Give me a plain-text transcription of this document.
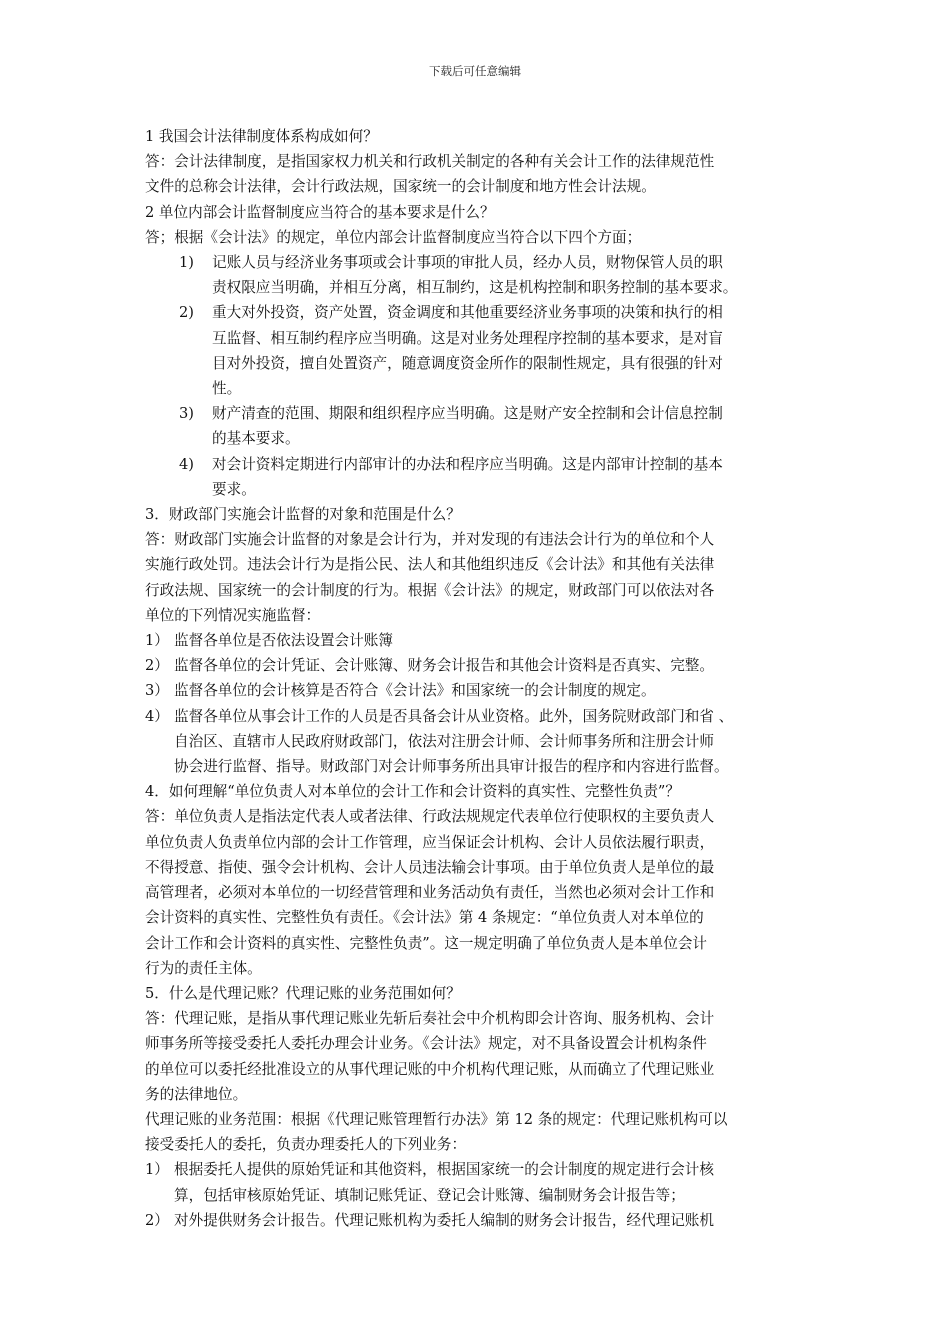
下载后可任意编辑
1 我国会计法律制度体系构成如何？
答：会计法律制度，是指国家权力机关和行政机关制定的各种有关会计工作的法律规范性
文件的总称会计法律，会计行政法规，国家统一的会计制度和地方性会计法规。
2 单位内部会计监督制度应当符合的基本要求是什么？
答；根据《会计法》的规定，单位内部会计监督制度应当符合以下四个方面；
1)	记账人员与经济业务事项或会计事项的审批人员，经办人员，财物保管人员的职
责权限应当明确，并相互分离，相互制约，这是机构控制和职务控制的基本要求。
2)	重大对外投资，资产处置，资金调度和其他重要经济业务事项的决策和执行的相
互监督、相互制约程序应当明确。这是对业务处理程序控制的基本要求，是对盲
目对外投资，擅自处置资产，随意调度资金所作的限制性规定，具有很强的针对
性。
3)	财产清查的范围、期限和组织程序应当明确。这是财产安全控制和会计信息控制
的基本要求。
4)	对会计资料定期进行内部审计的办法和程序应当明确。这是内部审计控制的基本
要求。
3．财政部门实施会计监督的对象和范围是什么？
答：财政部门实施会计监督的对象是会计行为，并对发现的有违法会计行为的单位和个人
实施行政处罚。违法会计行为是指公民、法人和其他组织违反《会计法》和其他有关法律
行政法规、国家统一的会计制度的行为。根据《会计法》的规定，财政部门可以依法对各
单位的下列情况实施监督：
1） 监督各单位是否依法设置会计账簿
2） 监督各单位的会计凭证、会计账簿、财务会计报告和其他会计资料是否真实、完整。
3） 监督各单位的会计核算是否符合《会计法》和国家统一的会计制度的规定。
4） 监督各单位从事会计工作的人员是否具备会计从业资格。此外，国务院财政部门和省 、
自治区、直辖市人民政府财政部门，依法对注册会计师、会计师事务所和注册会计师
协会进行监督、指导。财政部门对会计师事务所出具审计报告的程序和内容进行监督。
4．如何理解“单位负责人对本单位的会计工作和会计资料的真实性、完整性负责”？
答：单位负责人是指法定代表人或者法律、行政法规规定代表单位行使职权的主要负责人
单位负责人负责单位内部的会计工作管理，应当保证会计机构、会计人员依法履行职责，
不得授意、指使、强令会计机构、会计人员违法输会计事项。由于单位负责人是单位的最
高管理者，必须对本单位的一切经营管理和业务活动负有责任，当然也必须对会计工作和
会计资料的真实性、完整性负有责任。《会计法》第 4 条规定：“单位负责人对本单位的
会计工作和会计资料的真实性、完整性负责”。这一规定明确了单位负责人是本单位会计
行为的责任主体。
5．什么是代理记账？代理记账的业务范围如何？
答：代理记账，是指从事代理记账业先斩后奏社会中介机构即会计咨询、服务机构、会计
师事务所等接受委托人委托办理会计业务。《会计法》规定，对不具备设置会计机构条件
的单位可以委托经批准设立的从事代理记账的中介机构代理记账，从而确立了代理记账业
务的法律地位。
代理记账的业务范围：根据《代理记账管理暂行办法》第 12 条的规定：代理记账机构可以
接受委托人的委托，负责办理委托人的下列业务：
1） 根据委托人提供的原始凭证和其他资料，根据国家统一的会计制度的规定进行会计核
算，包括审核原始凭证、填制记账凭证、登记会计账簿、编制财务会计报告等；
2） 对外提供财务会计报告。代理记账机构为委托人编制的财务会计报告，经代理记账机
